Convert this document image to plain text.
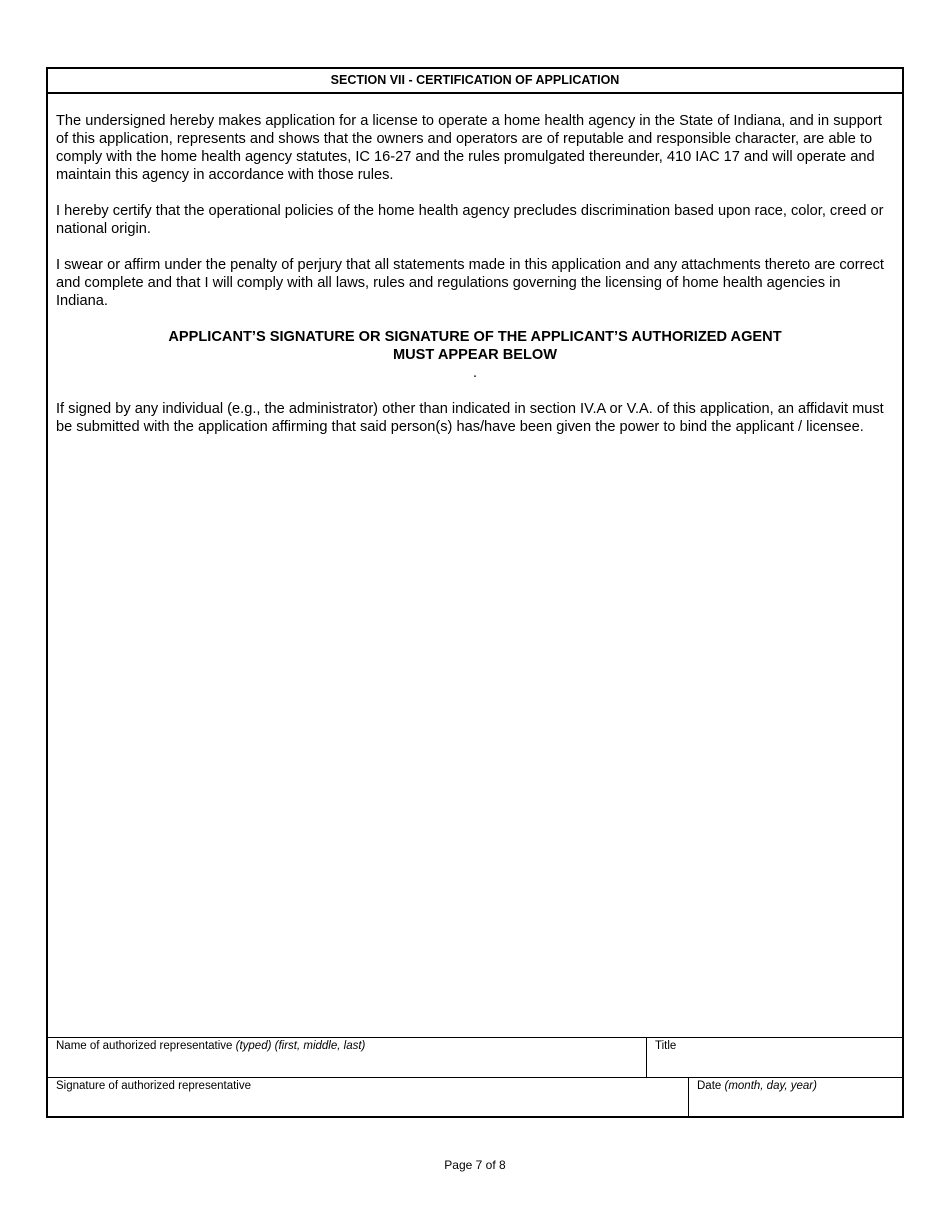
SECTION VII - CERTIFICATION OF APPLICATION

The undersigned hereby makes application for a license to operate a home health agency in the State of Indiana, and in support of this application, represents and shows that the owners and operators are of reputable and responsible character, are able to comply with the home health agency statutes, IC 16-27 and the rules promulgated thereunder, 410 IAC 17 and will operate and maintain this agency in accordance with those rules.

I hereby certify that the operational policies of the home health agency precludes discrimination based upon race, color, creed or national origin.

I swear or affirm under the penalty of perjury that all statements made in this application and any attachments thereto are correct and complete and that I will comply with all laws, rules and regulations governing the licensing of home health agencies in Indiana.

APPLICANT’S SIGNATURE OR SIGNATURE OF THE APPLICANT’S AUTHORIZED AGENT
MUST APPEAR BELOW
.

If signed by any individual (e.g., the administrator) other than indicated in section IV.A or V.A. of this application, an affidavit must be submitted with the application affirming that said person(s) has/have been given the power to bind the applicant / licensee.

Name of authorized representative (typed) (first, middle, last)	Title
Signature of authorized representative	Date (month, day, year)
Page 7 of 8
